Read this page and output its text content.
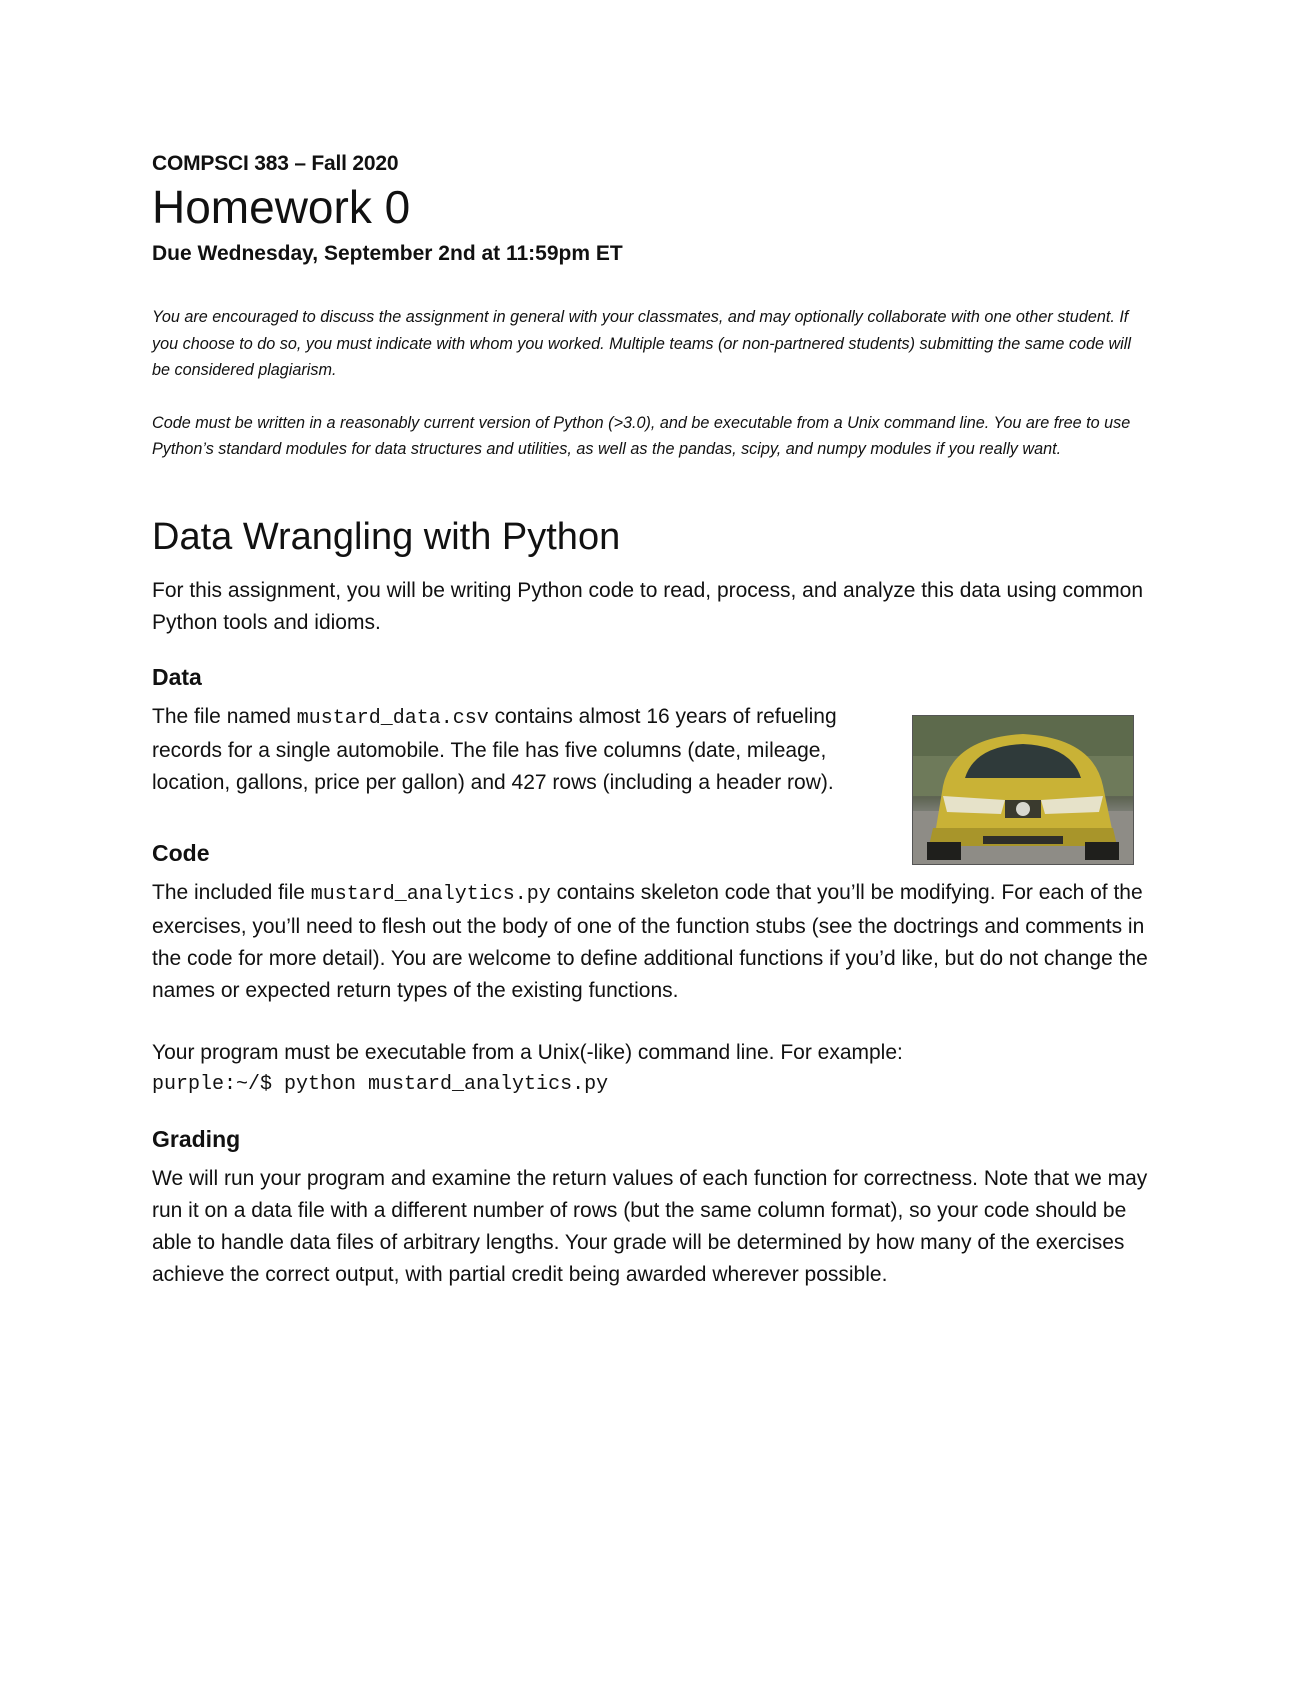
COMPSCI 383 – Fall 2020

Homework 0

Due Wednesday, September 2nd at 11:59pm ET

You are encouraged to discuss the assignment in general with your classmates, and may optionally collaborate with one other student. If you choose to do so, you must indicate with whom you worked. Multiple teams (or non-partnered students) submitting the same code will be considered plagiarism.

Code must be written in a reasonably current version of Python (>3.0), and be executable from a Unix command line. You are free to use Python’s standard modules for data structures and utilities, as well as the pandas, scipy, and numpy modules if you really want.

Data Wrangling with Python

For this assignment, you will be writing Python code to read, process, and analyze this data using common Python tools and idioms.

Data

The file named mustard_data.csv contains almost 16 years of refueling records for a single automobile. The file has five columns (date, mileage, location, gallons, price per gallon) and 427 rows (including a header row).

Code

The included file mustard_analytics.py contains skeleton code that you’ll be modifying. For each of the exercises, you’ll need to flesh out the body of one of the function stubs (see the doctrings and comments in the code for more detail). You are welcome to define additional functions if you’d like, but do not change the names or expected return types of the existing functions.

Your program must be executable from a Unix(-like) command line. For example:

purple:~/$ python mustard_analytics.py
Grading

We will run your program and examine the return values of each function for correctness. Note that we may run it on a data file with a different number of rows (but the same column format), so your code should be able to handle data files of arbitrary lengths. Your grade will be determined by how many of the exercises achieve the correct output, with partial credit being awarded wherever possible.
